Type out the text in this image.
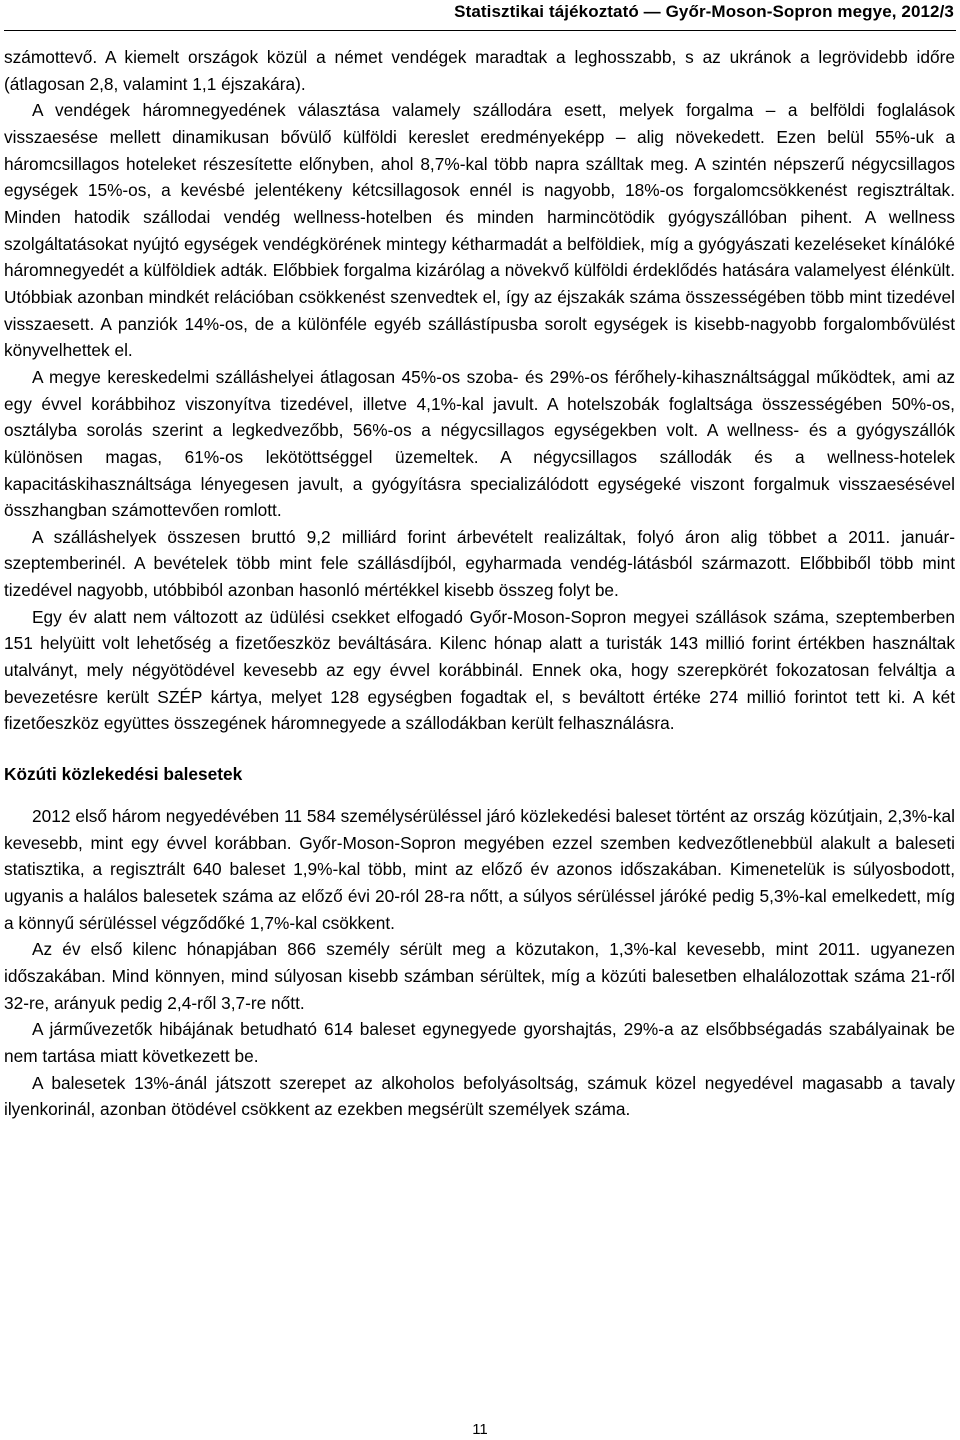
Statisztikai tájékoztató — Győr-Moson-Sopron megye, 2012/3

számottevő. A kiemelt országok közül a német vendégek maradtak a leghosszabb, s az ukránok a legrövidebb időre (átlagosan 2,8, valamint 1,1 éjszakára).

A vendégek háromnegyedének választása valamely szállodára esett, melyek forgalma – a belföldi foglalások visszaesése mellett dinamikusan bővülő külföldi kereslet eredményeképp – alig növekedett. Ezen belül 55%-uk a háromcsillagos hoteleket részesítette előnyben, ahol 8,7%-kal több napra szálltak meg. A szintén népszerű négycsillagos egységek 15%-os, a kevésbé jelentékeny kétcsillagosok ennél is nagyobb, 18%-os forgalomcsökkenést regisztráltak. Minden hatodik szállodai vendég wellness-hotelben és minden harmincötödik gyógyszállóban pihent. A wellness szolgáltatásokat nyújtó egységek vendégkörének mintegy kétharmadát a belföldiek, míg a gyógyászati kezeléseket kínálóké háromnegyedét a külföldiek adták. Előbbiek forgalma kizárólag a növekvő külföldi érdeklődés hatására valamelyest élénkült. Utóbbiak azonban mindkét relációban csökkenést szenvedtek el, így az éjszakák száma összességében több mint tizedével visszaesett. A panziók 14%-os, de a különféle egyéb szállástípusba sorolt egységek is kisebb-nagyobb forgalombővülést könyvelhettek el.

A megye kereskedelmi szálláshelyei átlagosan 45%-os szoba- és 29%-os férőhely-kihasználtsággal működtek, ami az egy évvel korábbihoz viszonyítva tizedével, illetve 4,1%-kal javult. A hotelszobák foglaltsága összességében 50%-os, osztályba sorolás szerint a legkedvezőbb, 56%-os a négycsillagos egységekben volt. A wellness- és a gyógyszállók különösen magas, 61%-os lekötöttséggel üzemeltek. A négycsillagos szállodák és a wellness-hotelek kapacitáskihasználtsága lényegesen javult, a gyógyításra specializálódott egységeké viszont forgalmuk visszaesésével összhangban számottevően romlott.

A szálláshelyek összesen bruttó 9,2 milliárd forint árbevételt realizáltak, folyó áron alig többet a 2011. január-szeptemberinél. A bevételek több mint fele szállásdíjból, egyharmada vendég-látásból származott. Előbbiből több mint tizedével nagyobb, utóbbiból azonban hasonló mértékkel kisebb összeg folyt be.

Egy év alatt nem változott az üdülési csekket elfogadó Győr-Moson-Sopron megyei szállások száma, szeptemberben 151 helyüitt volt lehetőség a fizetőeszköz beváltására. Kilenc hónap alatt a turisták 143 millió forint értékben használtak utalványt, mely négyötödével kevesebb az egy évvel korábbinál. Ennek oka, hogy szerepkörét fokozatosan felváltja a bevezetésre került SZÉP kártya, melyet 128 egységben fogadtak el, s beváltott értéke 274 millió forintot tett ki. A két fizetőeszköz együttes összegének háromnegyede a szállodákban került felhasználásra.

Közúti közlekedési balesetek

2012 első három negyedévében 11 584 személysérüléssel járó közlekedési baleset történt az ország közútjain, 2,3%-kal kevesebb, mint egy évvel korábban. Győr-Moson-Sopron megyében ezzel szemben kedvezőtlenebbül alakult a baleseti statisztika, a regisztrált 640 baleset 1,9%-kal több, mint az előző év azonos időszakában. Kimenetelük is súlyosbodott, ugyanis a halálos balesetek száma az előző évi 20-ról 28-ra nőtt, a súlyos sérüléssel járóké pedig 5,3%-kal emelkedett, míg a könnyű sérüléssel végződőké 1,7%-kal csökkent.

Az év első kilenc hónapjában 866 személy sérült meg a közutakon, 1,3%-kal kevesebb, mint 2011. ugyanezen időszakában. Mind könnyen, mind súlyosan kisebb számban sérültek, míg a közúti balesetben elhalálozottak száma 21-ről 32-re, arányuk pedig 2,4-ről 3,7-re nőtt.

A járművezetők hibájának betudható 614 baleset egynegyede gyorshajtás, 29%-a az elsőbbségadás szabályainak be nem tartása miatt következett be.

A balesetek 13%-ánál játszott szerepet az alkoholos befolyásoltság, számuk közel negyedével magasabb a tavaly ilyenkorinál, azonban ötödével csökkent az ezekben megsérült személyek száma.

11
